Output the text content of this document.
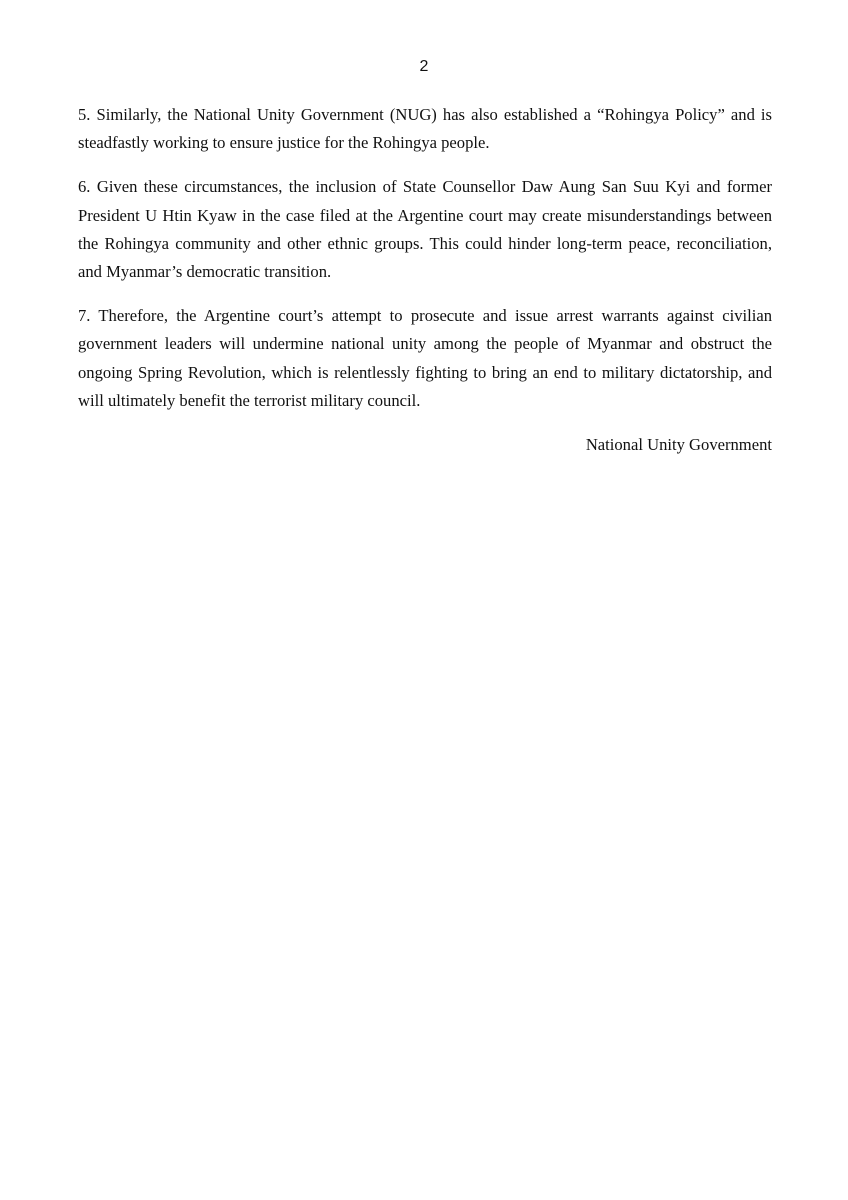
2

5. Similarly, the National Unity Government (NUG) has also established a “Rohingya Policy” and is steadfastly working to ensure justice for the Rohingya people.

6. Given these circumstances, the inclusion of State Counsellor Daw Aung San Suu Kyi and former President U Htin Kyaw in the case filed at the Argentine court may create misunderstandings between the Rohingya community and other ethnic groups. This could hinder long-term peace, reconciliation, and Myanmar’s democratic transition.

7. Therefore, the Argentine court’s attempt to prosecute and issue arrest warrants against civilian government leaders will undermine national unity among the people of Myanmar and obstruct the ongoing Spring Revolution, which is relentlessly fighting to bring an end to military dictatorship, and will ultimately benefit the terrorist military council.

National Unity Government
